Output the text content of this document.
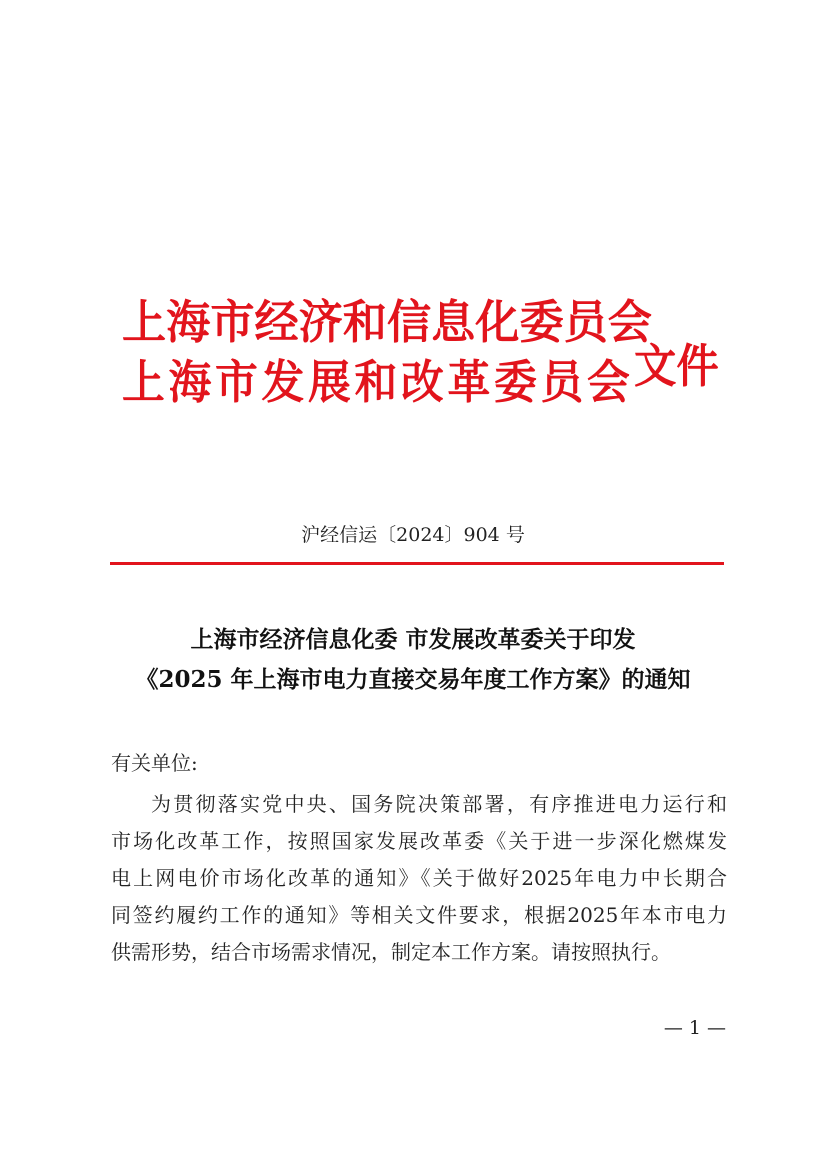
上海市经济和信息化委员会
上海市发展和改革委员会 文件
沪经信运〔2024〕904 号
上海市经济信息化委 市发展改革委关于印发
《2025 年上海市电力直接交易年度工作方案》的通知
有关单位:
为贯彻落实党中央、国务院决策部署，有序推进电力运行和
市场化改革工作，按照国家发展改革委《关于进一步深化燃煤发
电上网电价市场化改革的通知》《关于做好2025年电力中长期合
同签约履约工作的通知》等相关文件要求，根据2025年本市电力
供需形势，结合市场需求情况，制定本工作方案。请按照执行。
— 1 —
